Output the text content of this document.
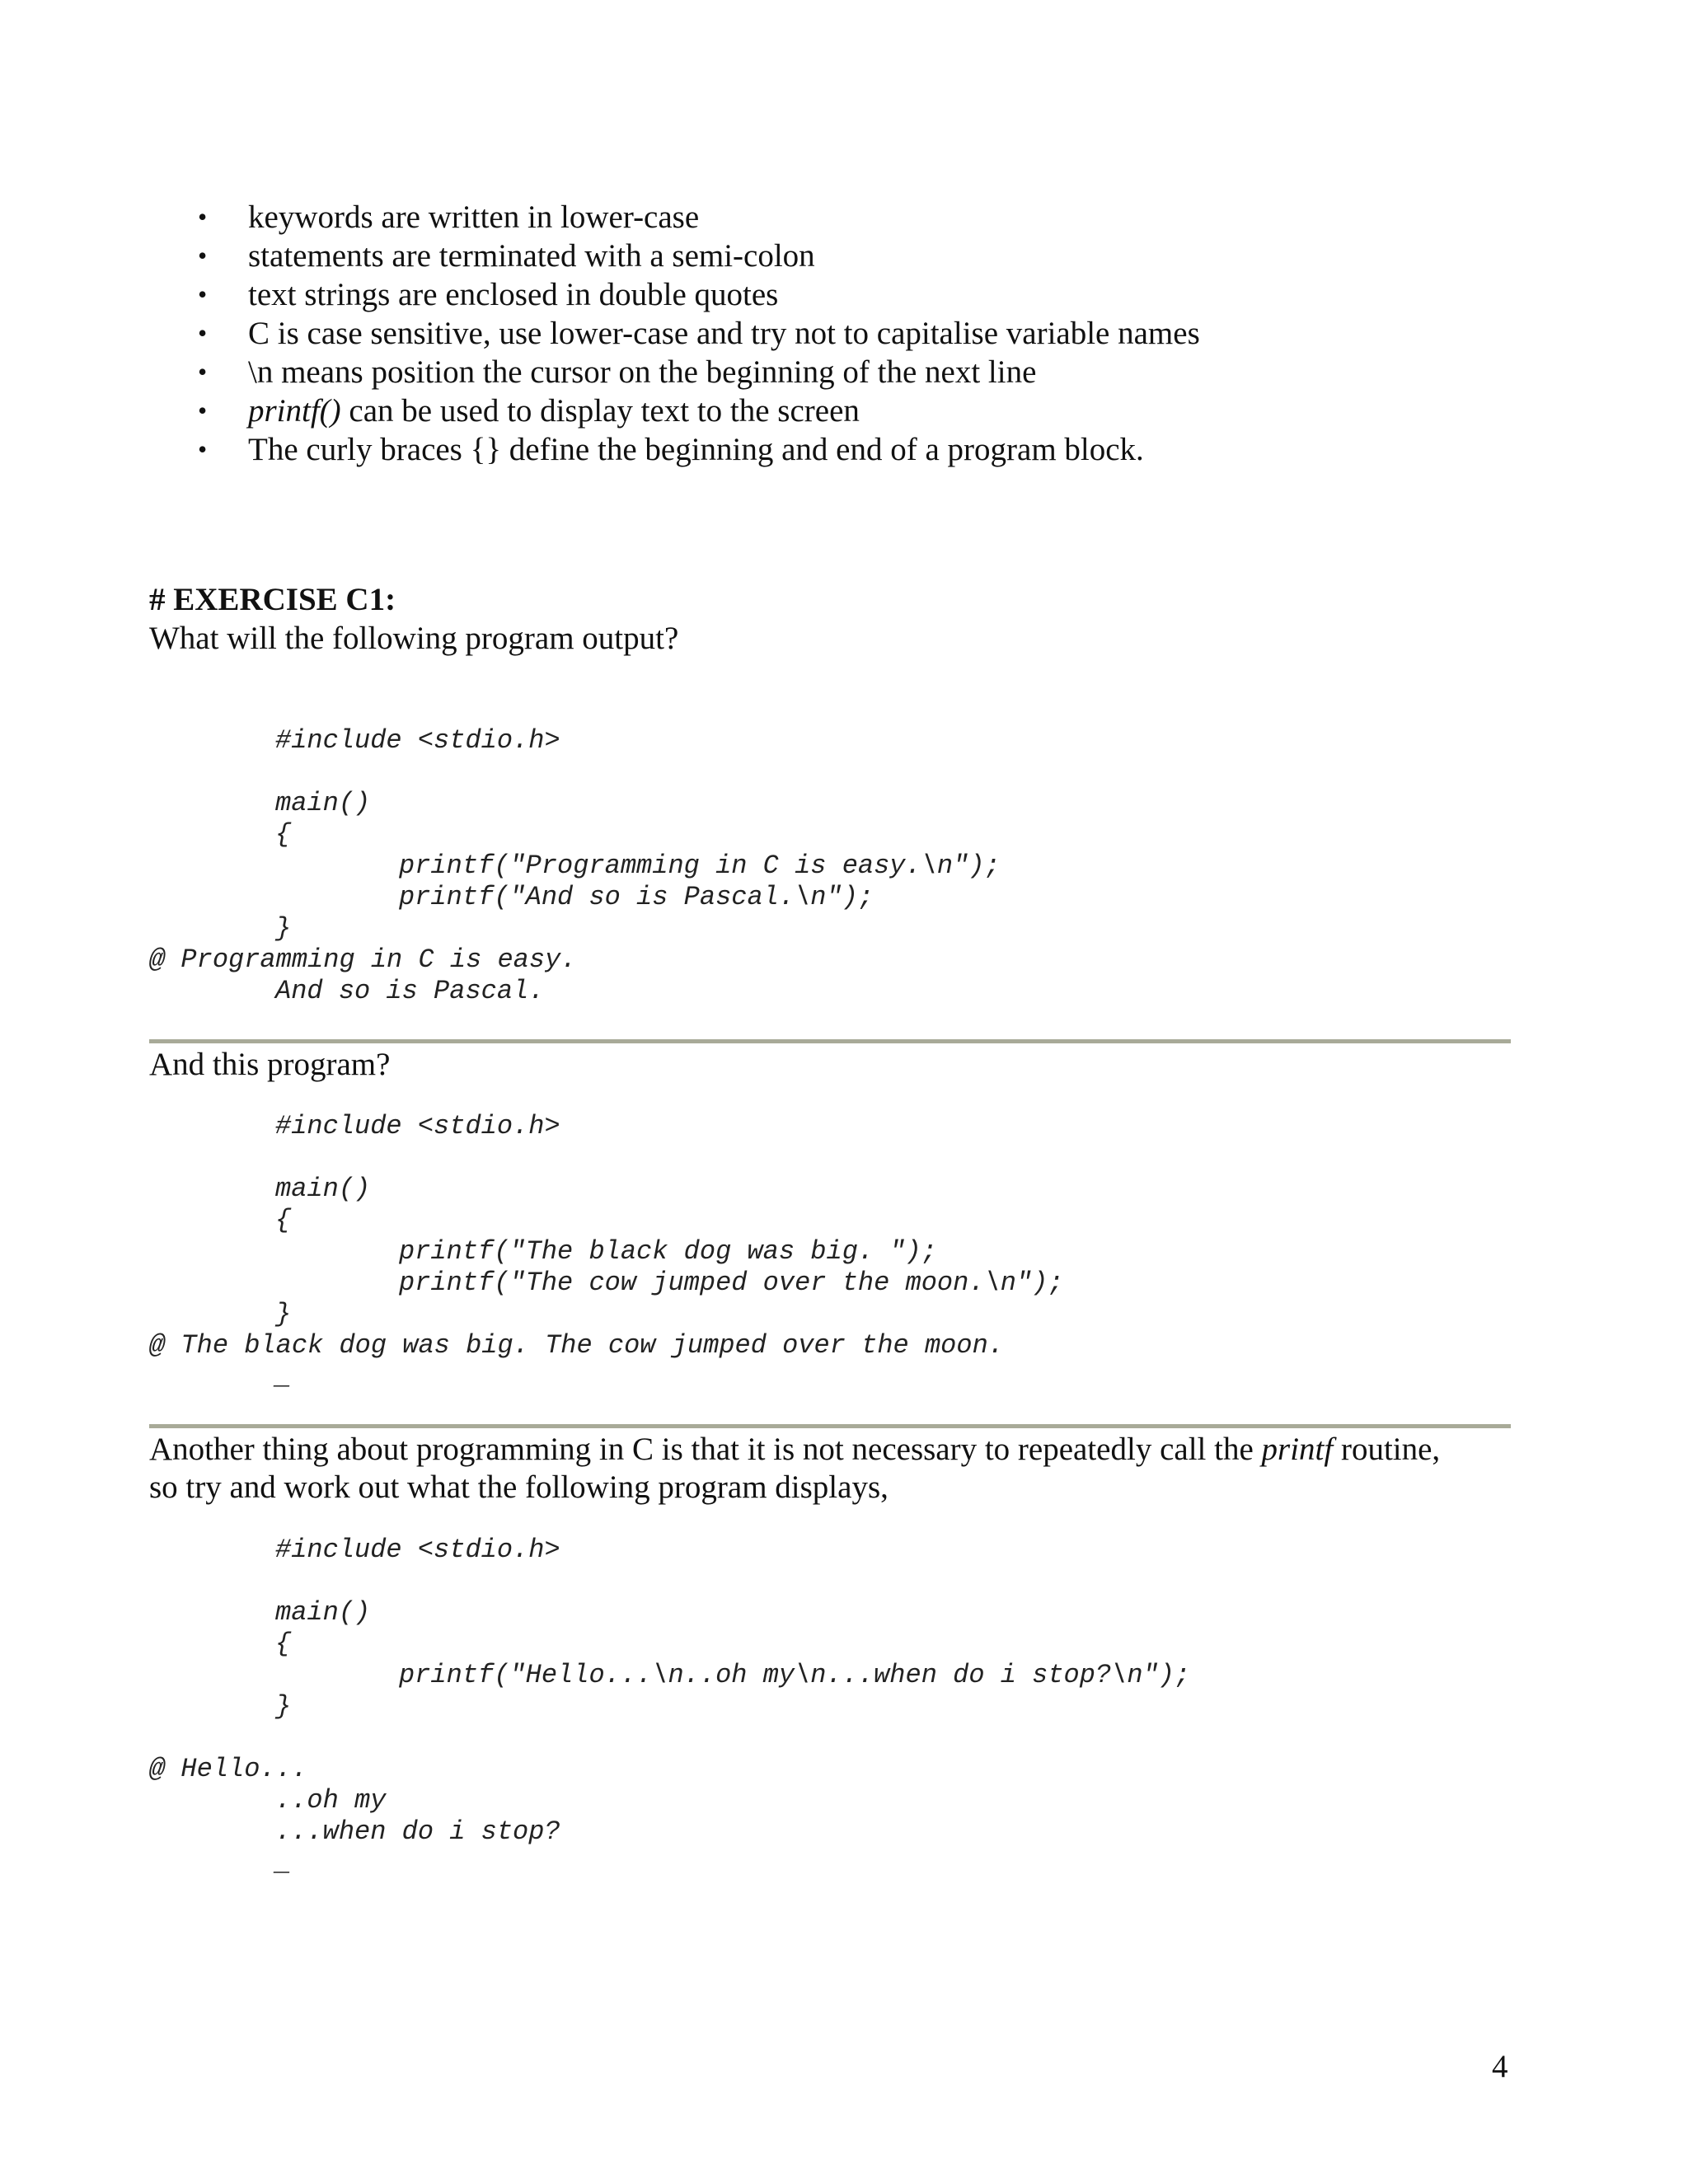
• keywords are written in lower-case
• statements are terminated with a semi-colon
• text strings are enclosed in double quotes
• C is case sensitive, use lower-case and try not to capitalise variable names
• \n means position the cursor on the beginning of the next line
• printf() can be used to display text to the screen
• The curly braces {} define the beginning and end of a program block.
# EXERCISE C1:
What will the following program output?
#include <stdio.h>
main()
{
printf("Programming in C is easy.\n");
printf("And so is Pascal.\n");
}
@ Programming in C is easy.
And so is Pascal.
And this program?
#include <stdio.h>
main()
{
printf("The black dog was big. ");
printf("The cow jumped over the moon.\n");
}
@ The black dog was big. The cow jumped over the moon.
_
Another thing about programming in C is that it is not necessary to repeatedly call the printf routine,
so try and work out what the following program displays,
#include <stdio.h>
main()
{
printf("Hello...\n..oh my\n...when do i stop?\n");
}
@ Hello...
..oh my
...when do i stop?
_
4
